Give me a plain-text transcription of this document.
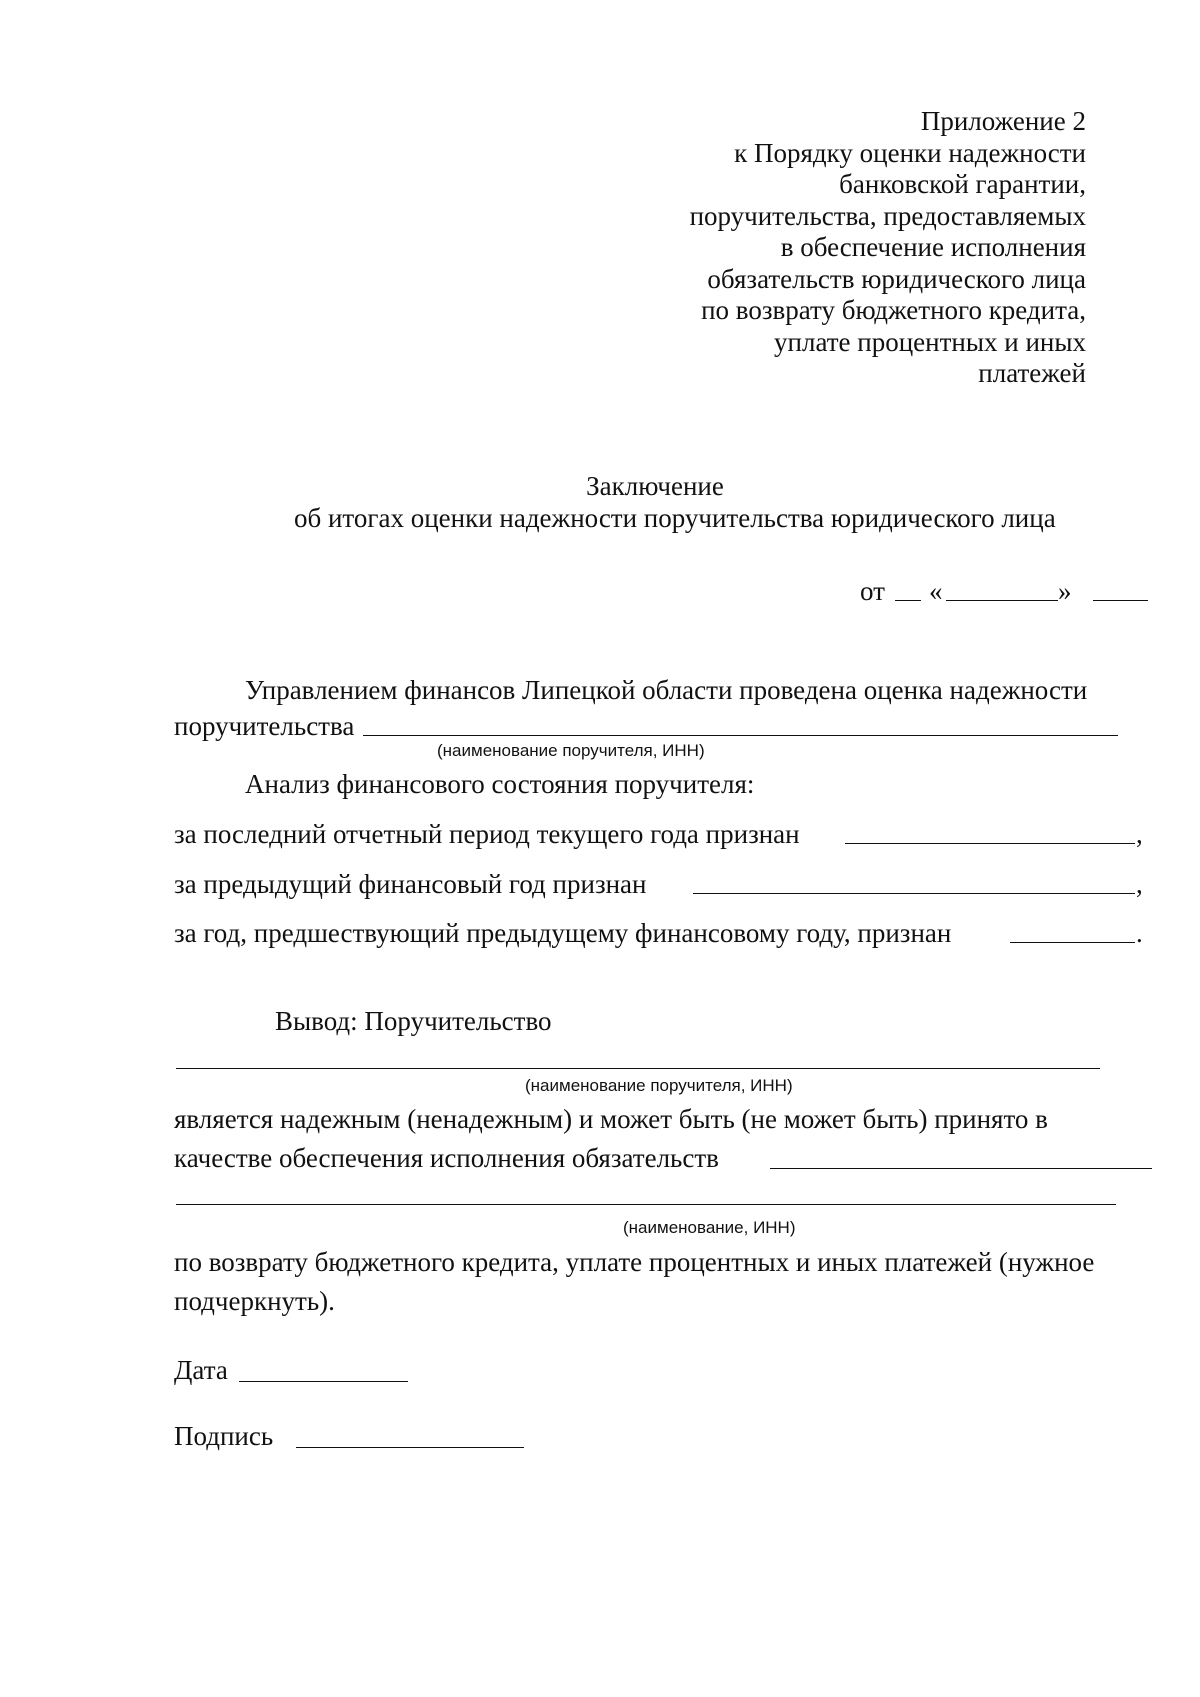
Приложение 2
к Порядку оценки надежности
банковской гарантии,
поручительства, предоставляемых
в обеспечение исполнения
обязательств юридического лица
по возврату бюджетного кредита,
уплате процентных и иных
платежей
Заключение
об итогах оценки надежности поручительства юридического лица
от «	»
Управлением финансов Липецкой области проведена оценка надежности
поручительства
(наименование поручителя, ИНН)
Анализ финансового состояния поручителя:
за последний отчетный период текущего года признан	,
за предыдущий финансовый год признан	,
за год, предшествующий предыдущему финансовому году, признан	.
Вывод: Поручительство
(наименование поручителя, ИНН)
является надежным (ненадежным) и может быть (не может быть) принято в
качестве обеспечения исполнения обязательств
(наименование, ИНН)
по возврату бюджетного кредита, уплате процентных и иных платежей (нужное
подчеркнуть).
Дата
Подпись
